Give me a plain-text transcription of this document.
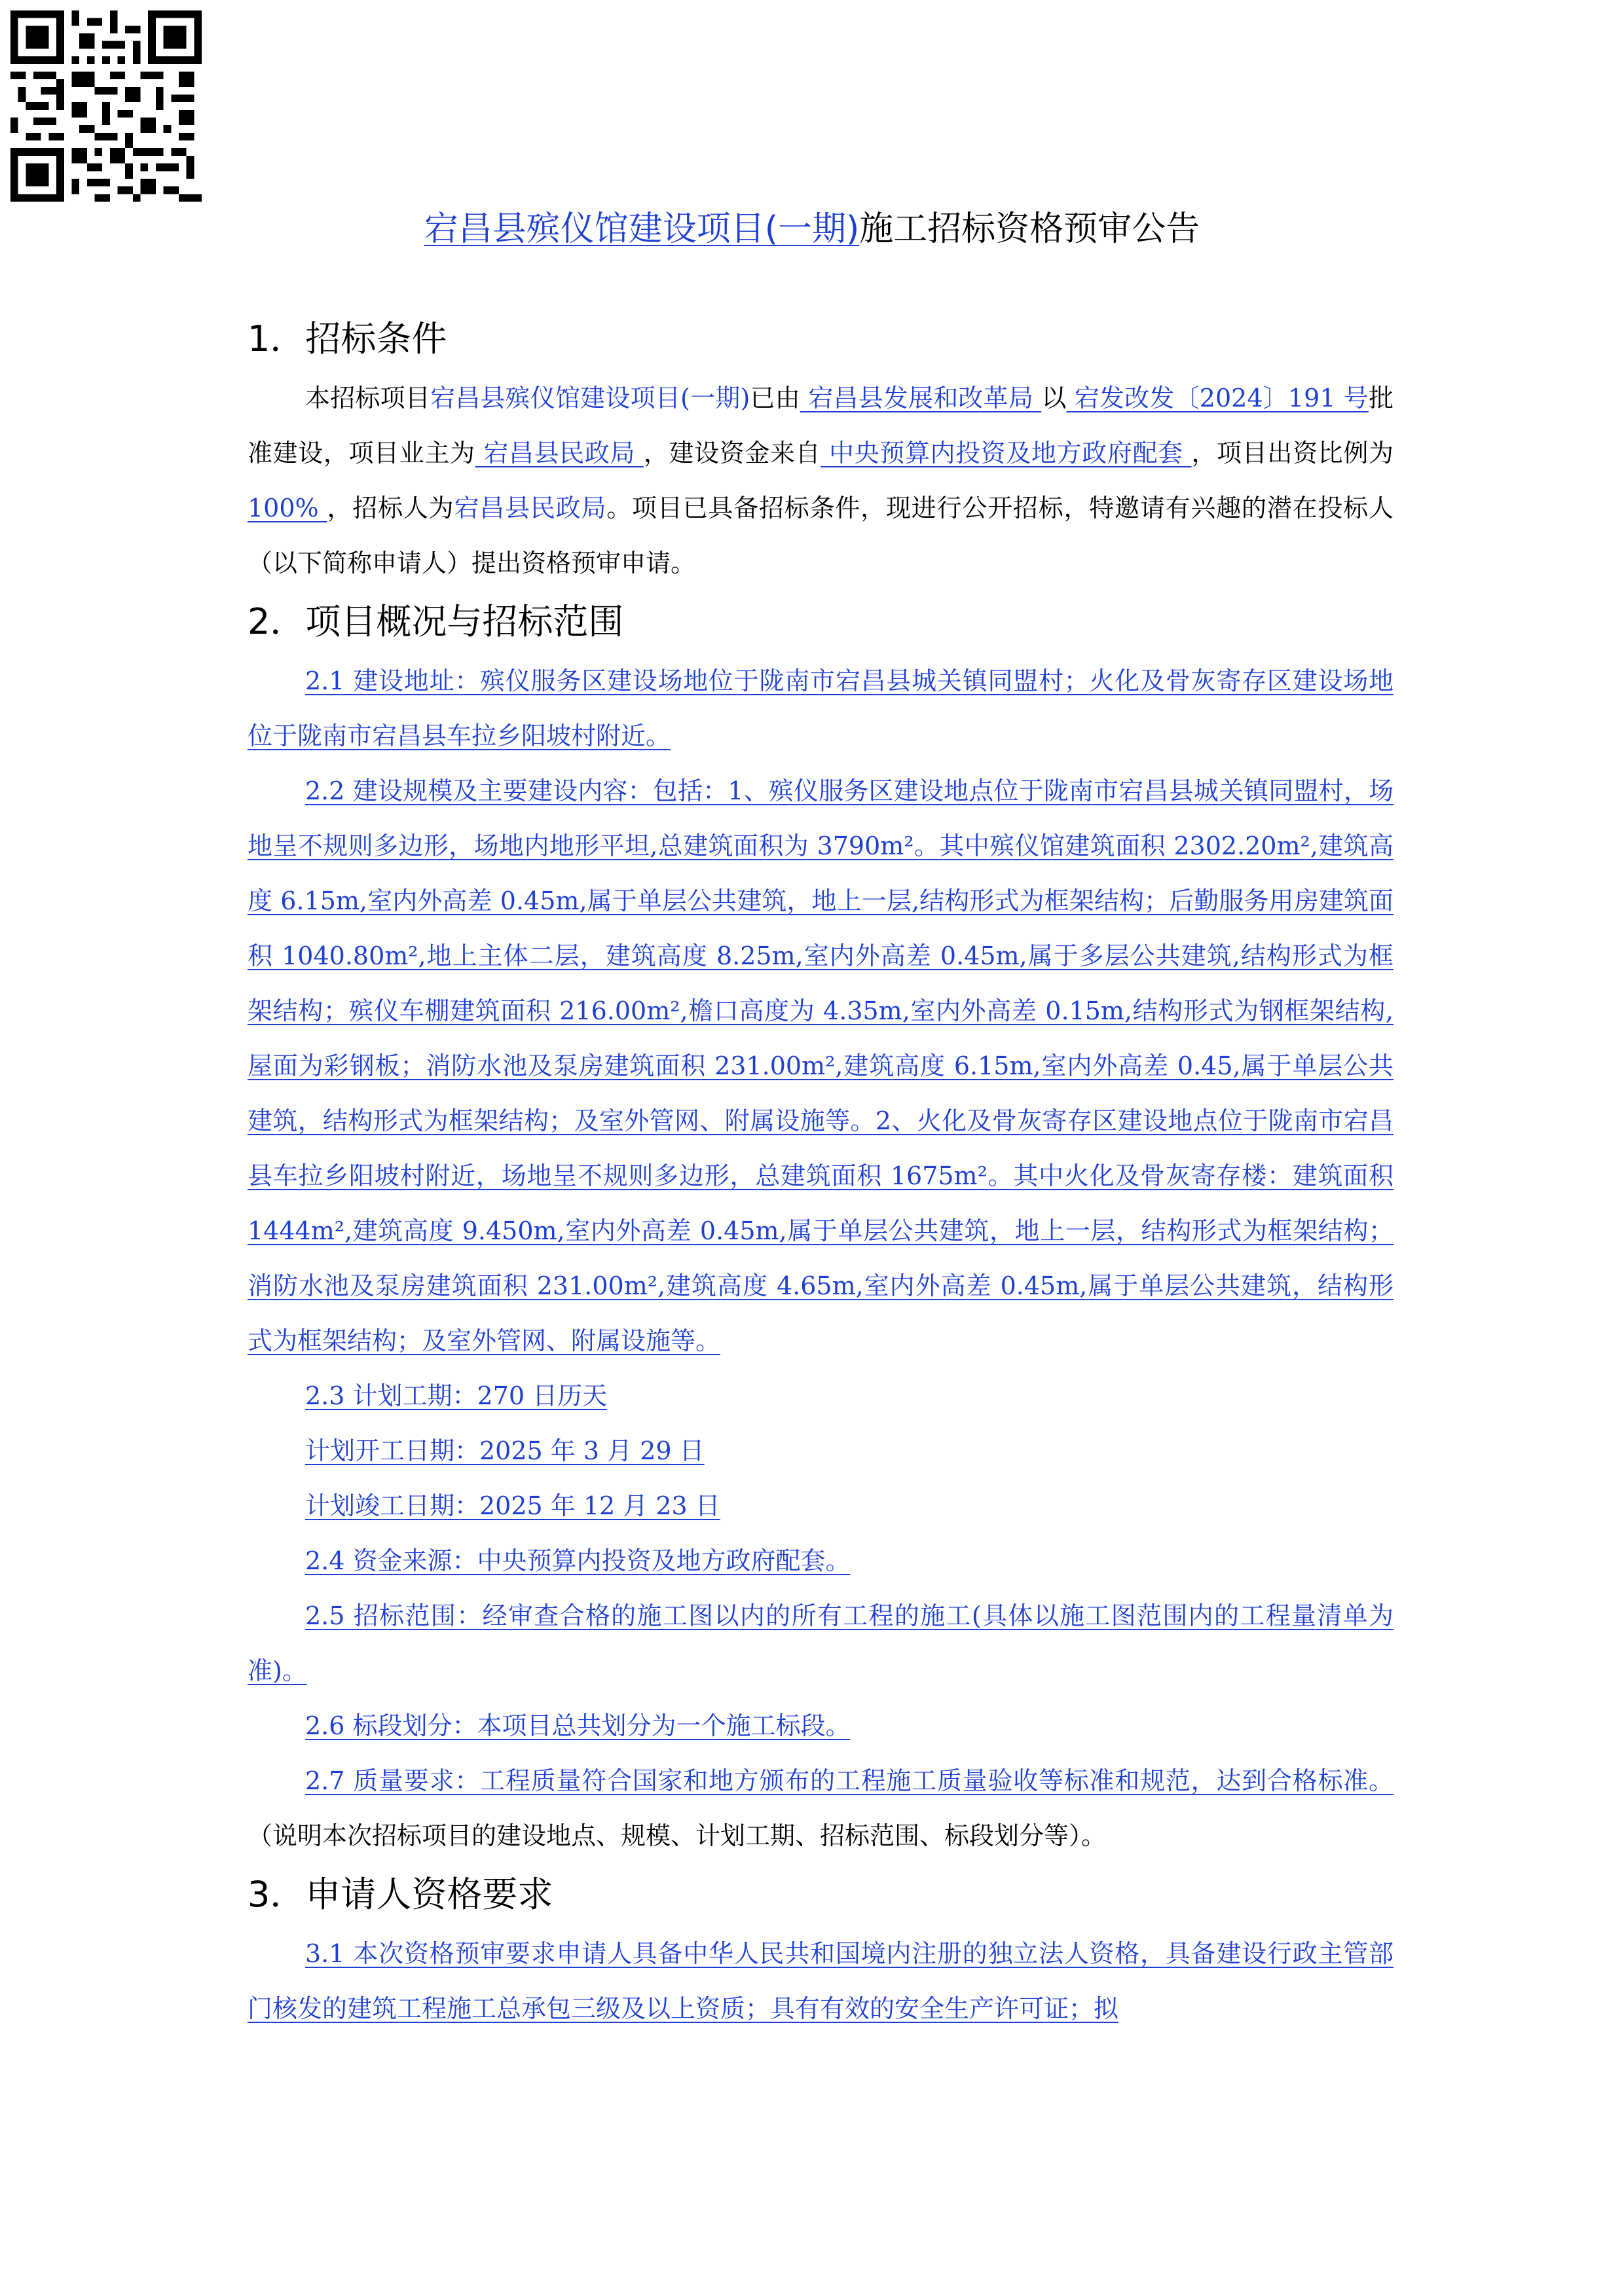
宕昌县殡仪馆建设项目(一期)施工招标资格预审公告
1．招标条件

本招标项目宕昌县殡仪馆建设项目(一期)已由 宕昌县发展和改革局 以 宕发改发〔2024〕191 号批准建设，项目业主为 宕昌县民政局 ，建设资金来自 中央预算内投资及地方政府配套 ，项目出资比例为 100% ，招标人为宕昌县民政局。项目已具备招标条件，现进行公开招标，特邀请有兴趣的潜在投标人（以下简称申请人）提出资格预审申请。

2．项目概况与招标范围

2.1 建设地址：殡仪服务区建设场地位于陇南市宕昌县城关镇同盟村；火化及骨灰寄存区建设场地位于陇南市宕昌县车拉乡阳坡村附近。

2.2 建设规模及主要建设内容：包括：1、殡仪服务区建设地点位于陇南市宕昌县城关镇同盟村，场地呈不规则多边形，场地内地形平坦,总建筑面积为 3790m²。其中殡仪馆建筑面积 2302.20m²,建筑高度 6.15m,室内外高差 0.45m,属于单层公共建筑，地上一层,结构形式为框架结构；后勤服务用房建筑面积 1040.80m²,地上主体二层，建筑高度 8.25m,室内外高差 0.45m,属于多层公共建筑,结构形式为框架结构；殡仪车棚建筑面积 216.00m²,檐口高度为 4.35m,室内外高差 0.15m,结构形式为钢框架结构,屋面为彩钢板；消防水池及泵房建筑面积 231.00m²,建筑高度 6.15m,室内外高差 0.45,属于单层公共建筑，结构形式为框架结构；及室外管网、附属设施等。2、火化及骨灰寄存区建设地点位于陇南市宕昌县车拉乡阳坡村附近，场地呈不规则多边形，总建筑面积 1675m²。其中火化及骨灰寄存楼：建筑面积 1444m²,建筑高度 9.450m,室内外高差 0.45m,属于单层公共建筑，地上一层，结构形式为框架结构；消防水池及泵房建筑面积 231.00m²,建筑高度 4.65m,室内外高差 0.45m,属于单层公共建筑，结构形式为框架结构；及室外管网、附属设施等。

2.3 计划工期：270 日历天
计划开工日期：2025 年 3 月 29 日
计划竣工日期：2025 年 12 月 23 日
2.4 资金来源：中央预算内投资及地方政府配套。

2.5 招标范围：经审查合格的施工图以内的所有工程的施工(具体以施工图范围内的工程量清单为准)。

2.6 标段划分：本项目总共划分为一个施工标段。

2.7 质量要求：工程质量符合国家和地方颁布的工程施工质量验收等标准和规范，达到合格标准。 （说明本次招标项目的建设地点、规模、计划工期、招标范围、标段划分等）。

3．申请人资格要求

3.1 本次资格预审要求申请人具备中华人民共和国境内注册的独立法人资格，具备建设行政主管部门核发的建筑工程施工总承包三级及以上资质；具有有效的安全生产许可证；拟
